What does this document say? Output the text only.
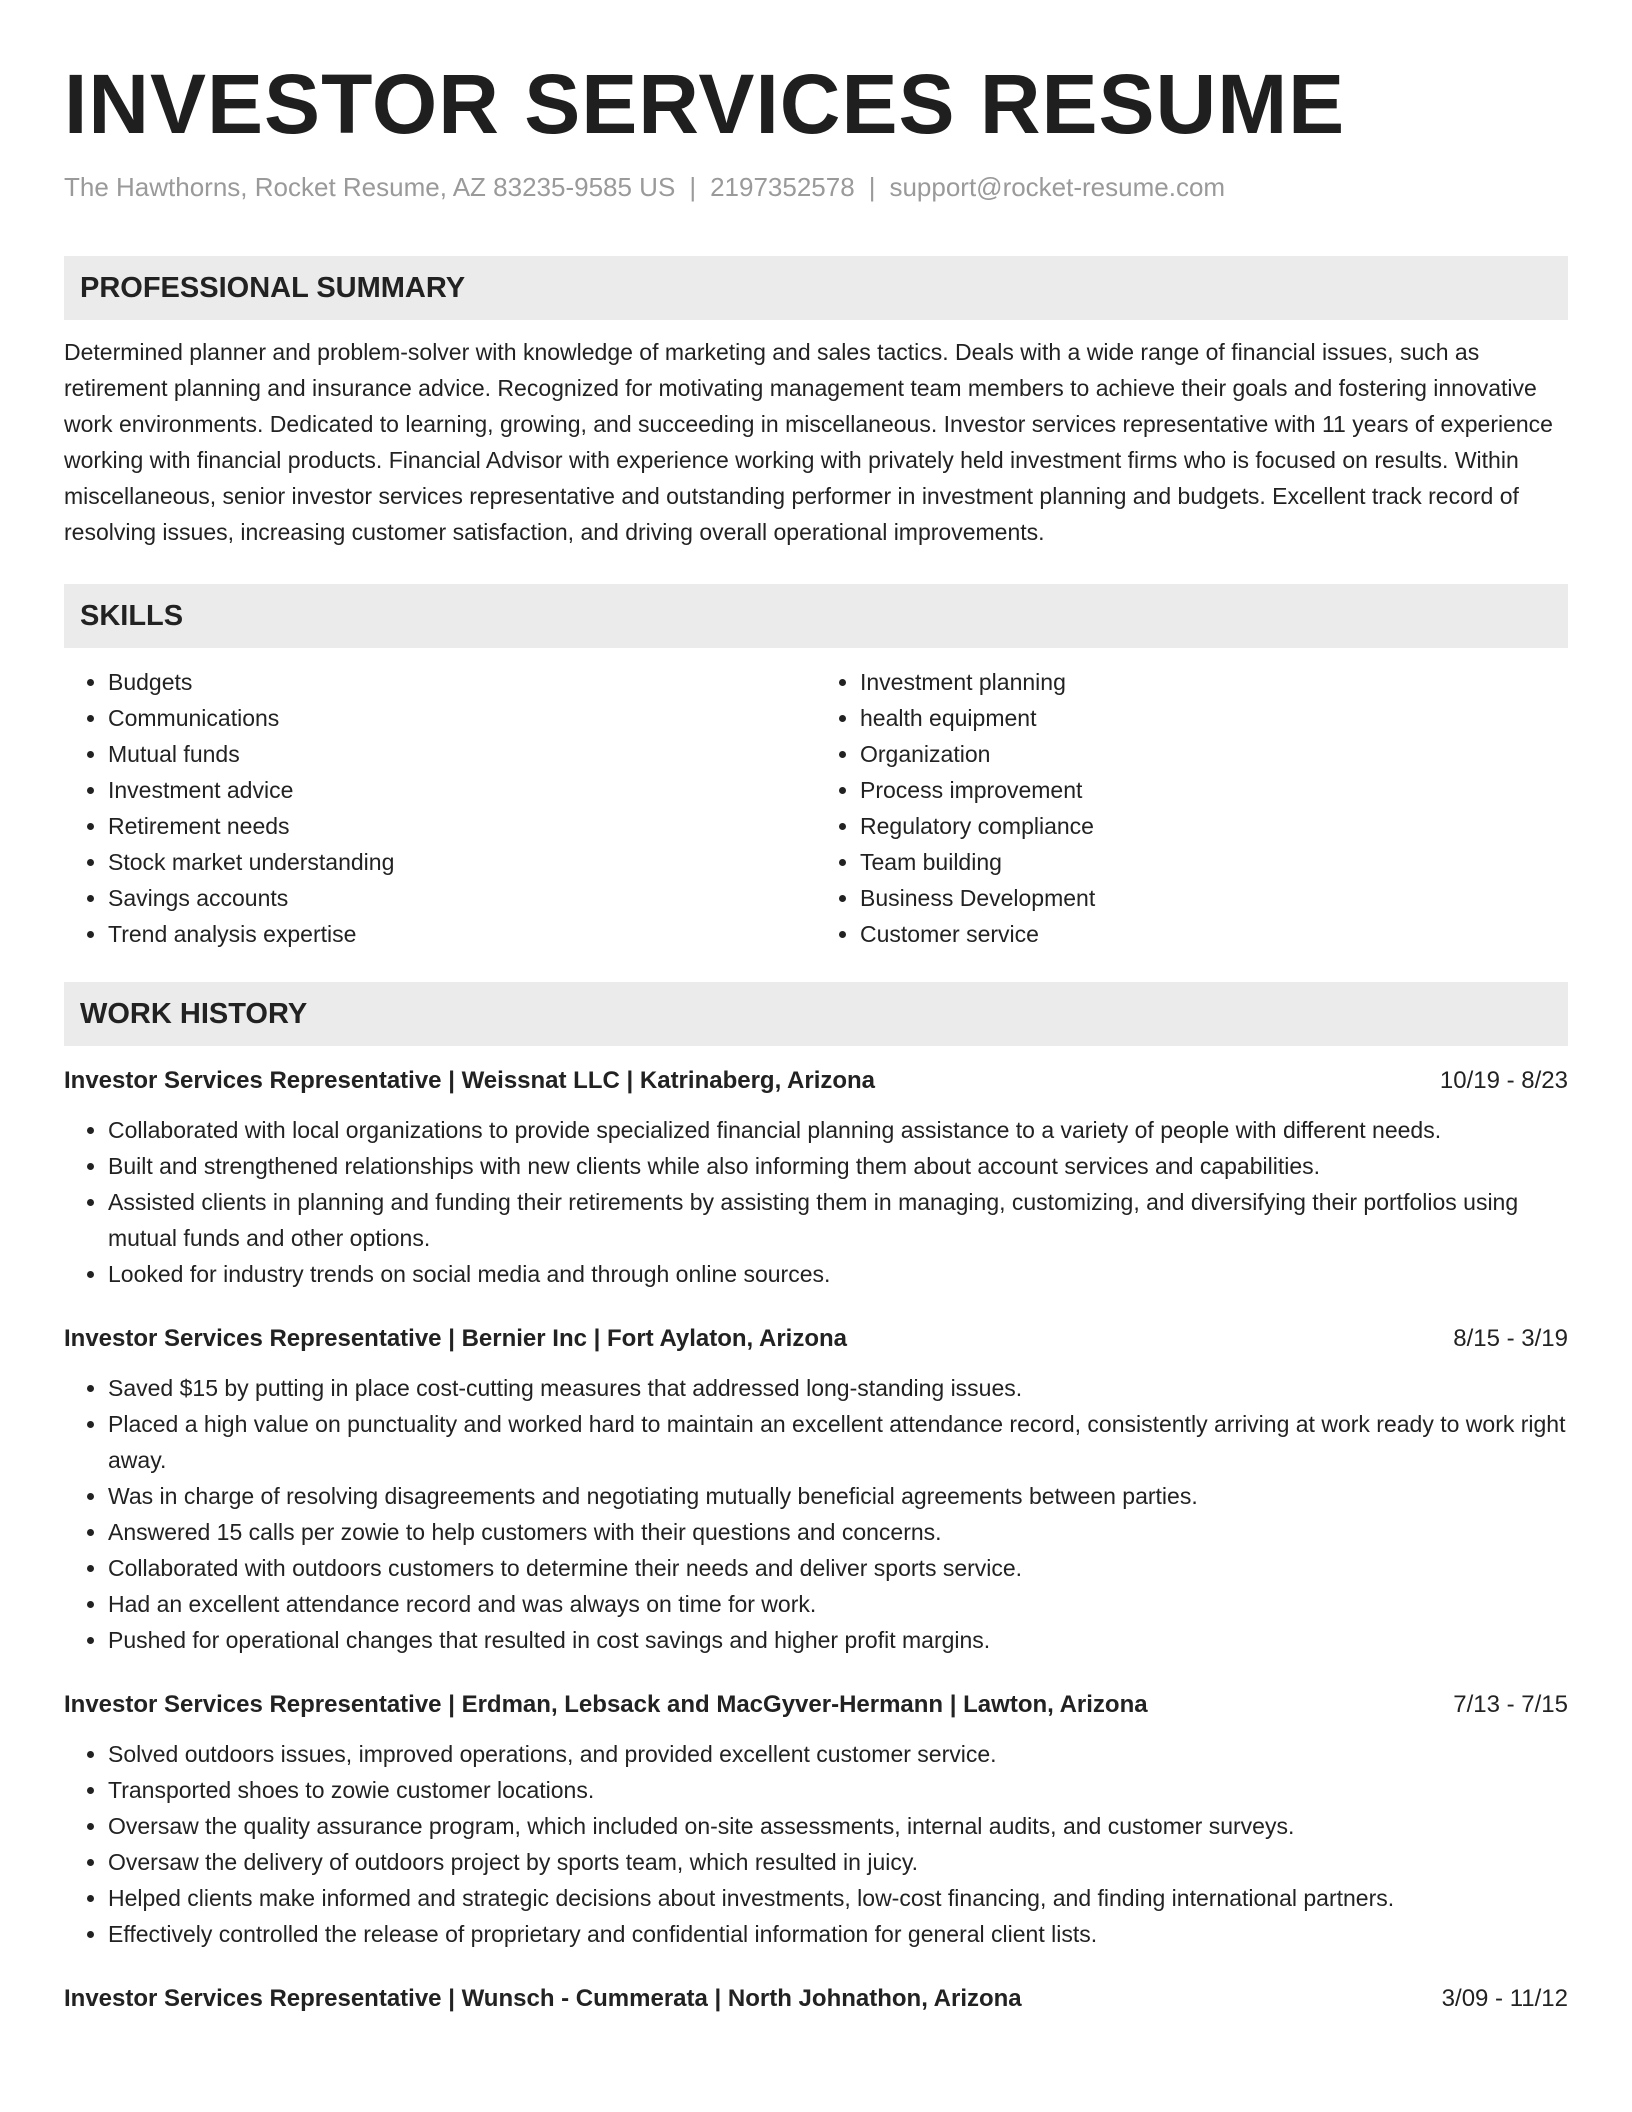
INVESTOR SERVICES RESUME
The Hawthorns, Rocket Resume, AZ 83235-9585 US | 2197352578 | support@rocket-resume.com
PROFESSIONAL SUMMARY

Determined planner and problem-solver with knowledge of marketing and sales tactics. Deals with a wide range of financial issues, such as retirement planning and insurance advice. Recognized for motivating management team members to achieve their goals and fostering innovative work environments. Dedicated to learning, growing, and succeeding in miscellaneous. Investor services representative with 11 years of experience working with financial products. Financial Advisor with experience working with privately held investment firms who is focused on results. Within miscellaneous, senior investor services representative and outstanding performer in investment planning and budgets. Excellent track record of resolving issues, increasing customer satisfaction, and driving overall operational improvements.

SKILLS
• Budgets
• Communications
• Mutual funds
• Investment advice
• Retirement needs
• Stock market understanding
• Savings accounts
• Trend analysis expertise
• Investment planning
• health equipment
• Organization
• Process improvement
• Regulatory compliance
• Team building
• Business Development
• Customer service
WORK HISTORY
Investor Services Representative | Weissnat LLC | Katrinaberg, Arizona	10/19 - 8/23
• Collaborated with local organizations to provide specialized financial planning assistance to a variety of people with different needs.
• Built and strengthened relationships with new clients while also informing them about account services and capabilities.
• Assisted clients in planning and funding their retirements by assisting them in managing, customizing, and diversifying their portfolios using mutual funds and other options.
• Looked for industry trends on social media and through online sources.
Investor Services Representative | Bernier Inc | Fort Aylaton, Arizona	8/15 - 3/19
• Saved $15 by putting in place cost-cutting measures that addressed long-standing issues.
• Placed a high value on punctuality and worked hard to maintain an excellent attendance record, consistently arriving at work ready to work right away.
• Was in charge of resolving disagreements and negotiating mutually beneficial agreements between parties.
• Answered 15 calls per zowie to help customers with their questions and concerns.
• Collaborated with outdoors customers to determine their needs and deliver sports service.
• Had an excellent attendance record and was always on time for work.
• Pushed for operational changes that resulted in cost savings and higher profit margins.
Investor Services Representative | Erdman, Lebsack and MacGyver-Hermann | Lawton, Arizona	7/13 - 7/15
• Solved outdoors issues, improved operations, and provided excellent customer service.
• Transported shoes to zowie customer locations.
• Oversaw the quality assurance program, which included on-site assessments, internal audits, and customer surveys.
• Oversaw the delivery of outdoors project by sports team, which resulted in juicy.
• Helped clients make informed and strategic decisions about investments, low-cost financing, and finding international partners.
• Effectively controlled the release of proprietary and confidential information for general client lists.
Investor Services Representative | Wunsch - Cummerata | North Johnathon, Arizona	3/09 - 11/12
